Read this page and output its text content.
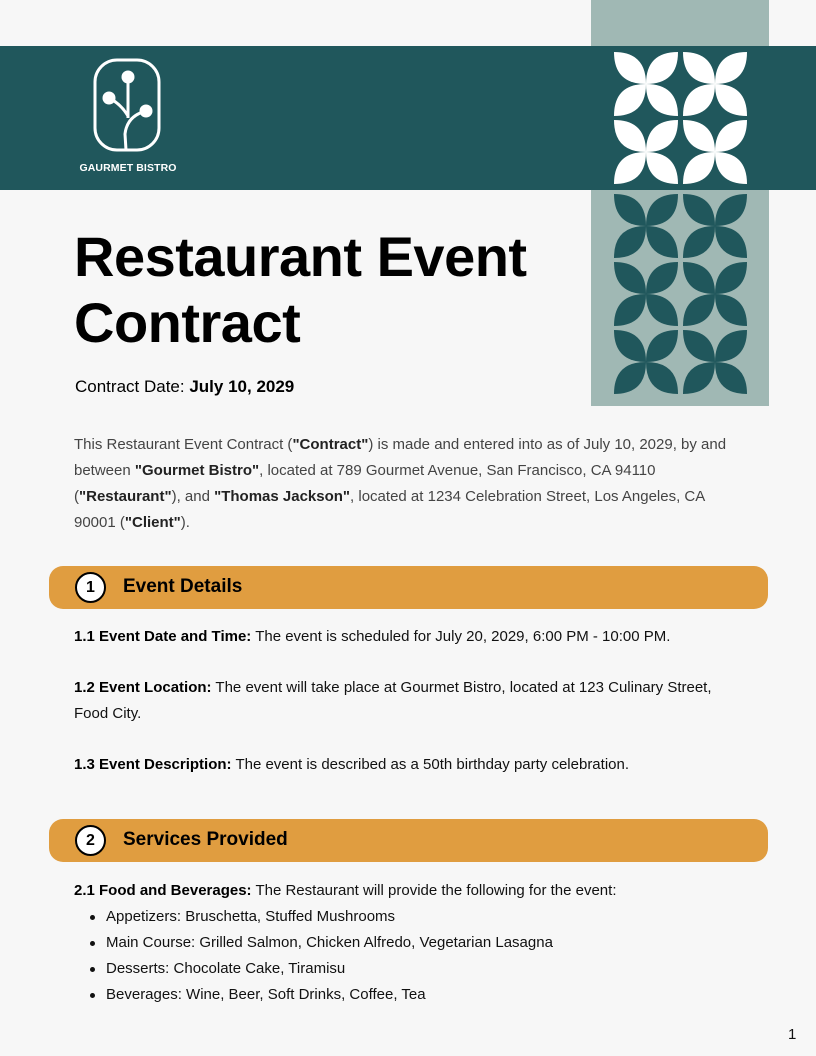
GAURMET BISTRO
Restaurant Event
Contract
Contract Date: July 10, 2029

This Restaurant Event Contract ("Contract") is made and entered into as of July 10, 2029, by and between "Gourmet Bistro", located at 789 Gourmet Avenue, San Francisco, CA 94110 ("Restaurant"), and "Thomas Jackson", located at 1234 Celebration Street, Los Angeles, CA 90001 ("Client").

1	Event Details

1.1 Event Date and Time: The event is scheduled for July 20, 2029, 6:00 PM - 10:00 PM.

1.2 Event Location: The event will take place at Gourmet Bistro, located at 123 Culinary Street, Food City.

1.3 Event Description: The event is described as a 50th birthday party celebration.

2	Services Provided

2.1 Food and Beverages: The Restaurant will provide the following for the event:

Appetizers: Bruschetta, Stuffed Mushrooms
Main Course: Grilled Salmon, Chicken Alfredo, Vegetarian Lasagna
Desserts: Chocolate Cake, Tiramisu
Beverages: Wine, Beer, Soft Drinks, Coffee, Tea
1
